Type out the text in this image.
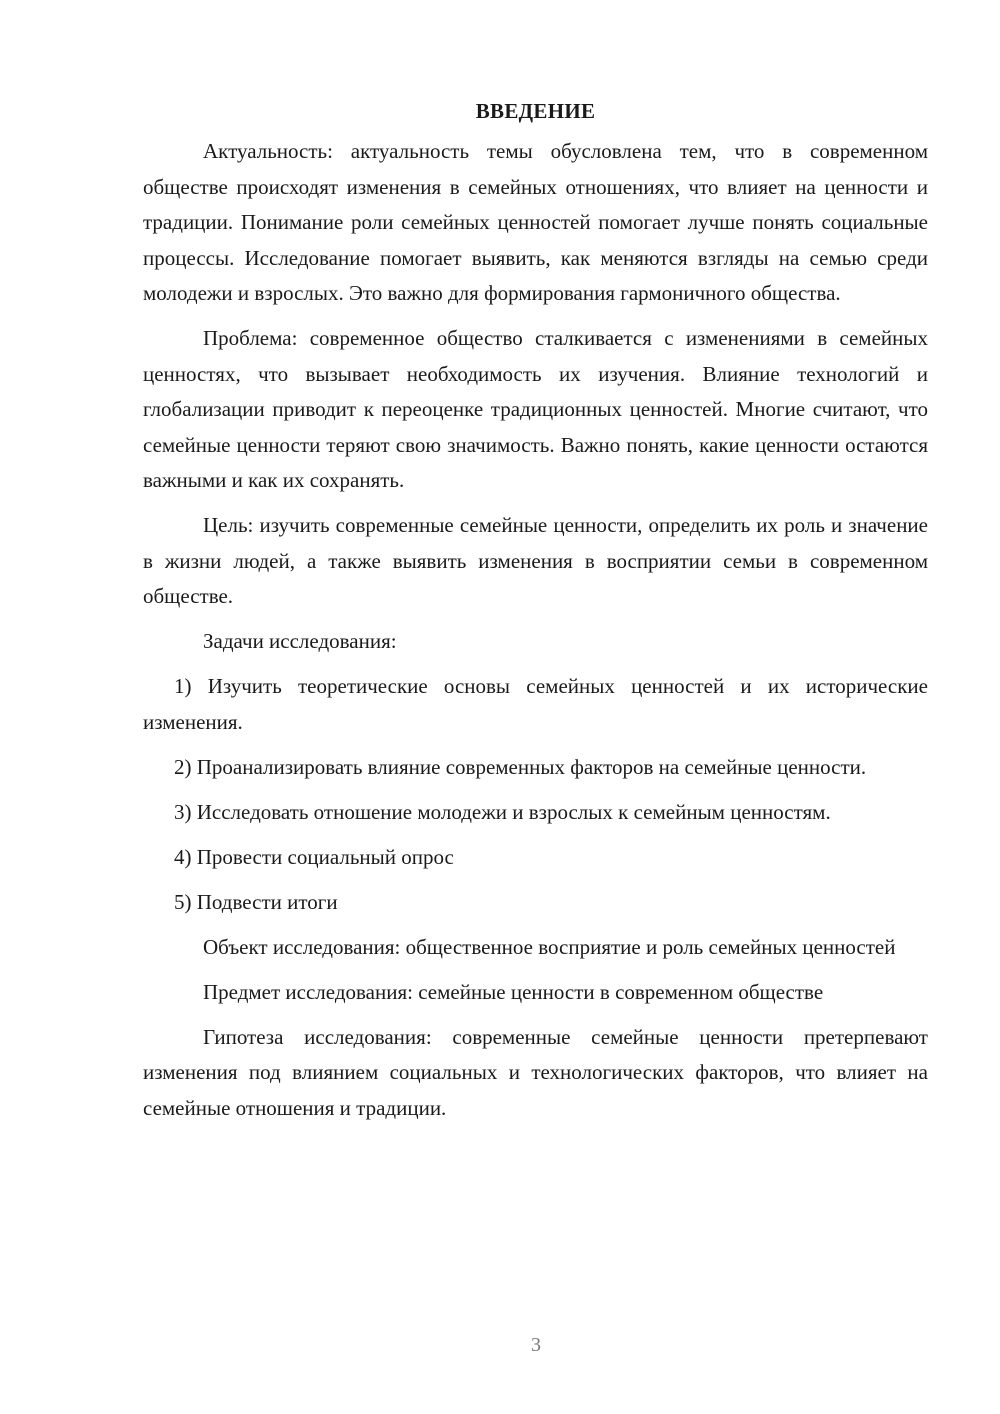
ВВЕДЕНИЕ

Актуальность: актуальность темы обусловлена тем, что в современном обществе происходят изменения в семейных отношениях, что влияет на ценности и традиции. Понимание роли семейных ценностей помогает лучше понять социальные процессы. Исследование помогает выявить, как меняются взгляды на семью среди молодежи и взрослых. Это важно для формирования гармоничного общества.

Проблема: современное общество сталкивается с изменениями в семейных ценностях, что вызывает необходимость их изучения. Влияние технологий и глобализации приводит к переоценке традиционных ценностей. Многие считают, что семейные ценности теряют свою значимость. Важно понять, какие ценности остаются важными и как их сохранять.

Цель: изучить современные семейные ценности, определить их роль и значение в жизни людей, а также выявить изменения в восприятии семьи в современном обществе.

Задачи исследования:

1) Изучить теоретические основы семейных ценностей и их исторические изменения.

2) Проанализировать влияние современных факторов на семейные ценности.

3) Исследовать отношение молодежи и взрослых к семейным ценностям.

4) Провести социальный опрос

5) Подвести итоги

Объект исследования: общественное восприятие и роль семейных ценностей

Предмет исследования: семейные ценности в современном обществе

Гипотеза исследования: современные семейные ценности претерпевают изменения под влиянием социальных и технологических факторов, что влияет на семейные отношения и традиции.

3
